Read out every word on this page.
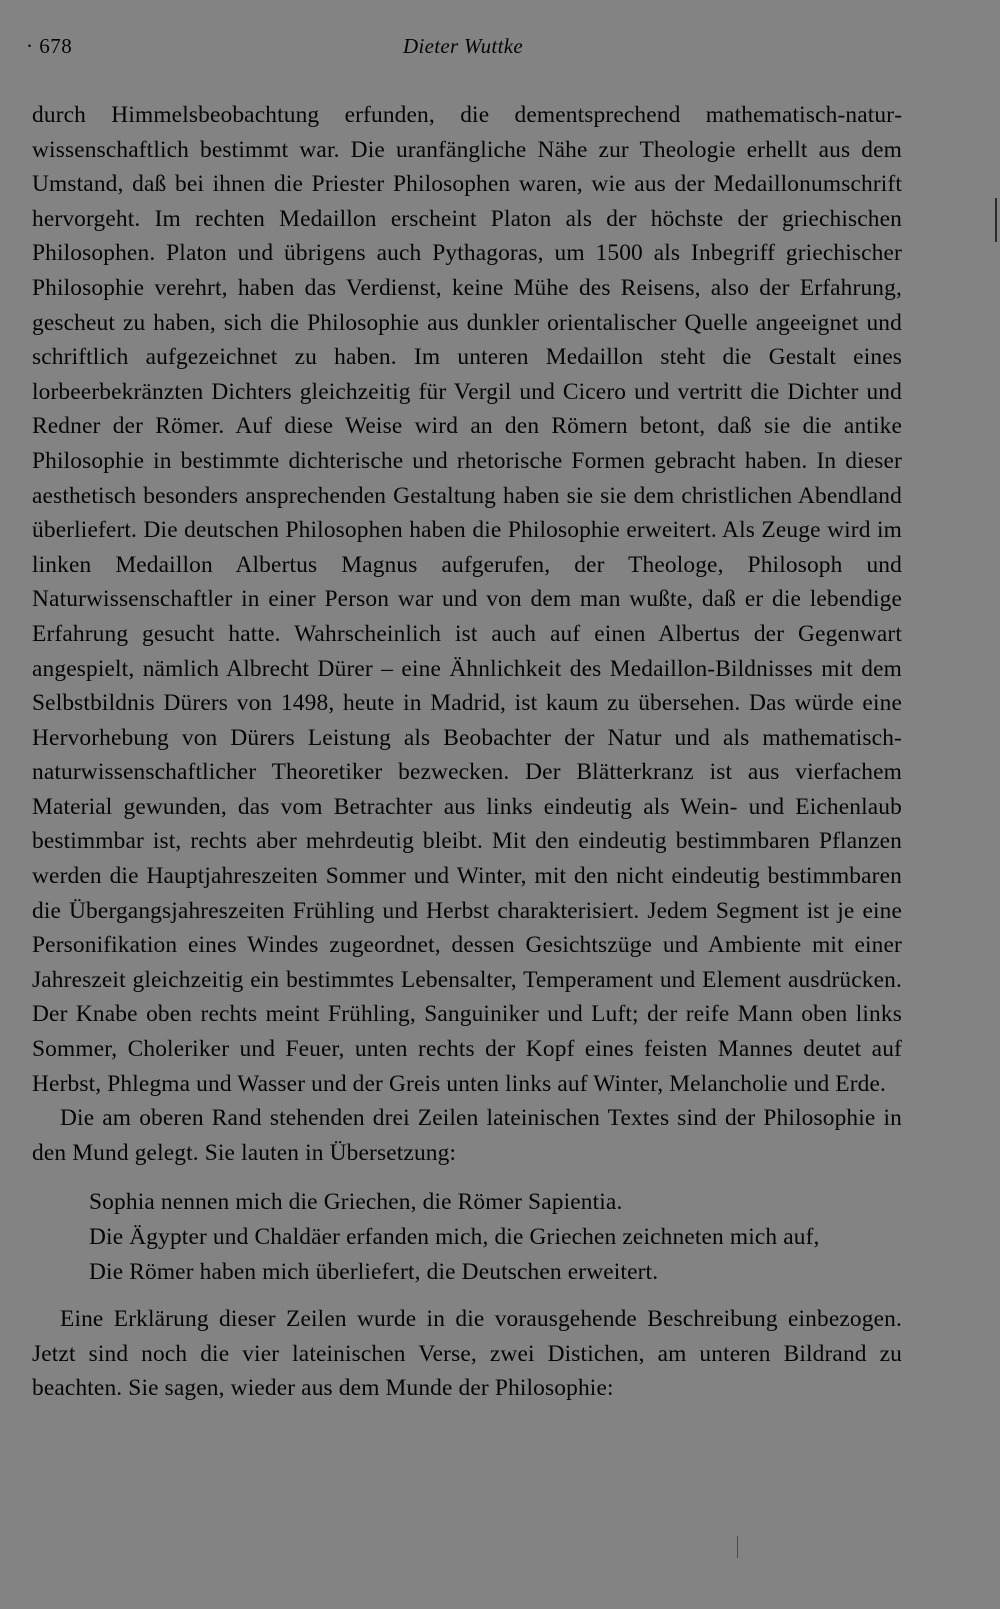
· 678	Dieter Wuttke

durch Himmelsbeobachtung erfunden, die dementsprechend mathematisch-naturwissenschaftlich bestimmt war. Die uranfängliche Nähe zur Theologie erhellt aus dem Umstand, daß bei ihnen die Priester Philosophen waren, wie aus der Medaillonumschrift hervorgeht. Im rechten Medaillon erscheint Platon als der höchste der griechischen Philosophen. Platon und übrigens auch Pythagoras, um 1500 als Inbegriff griechischer Philosophie verehrt, haben das Verdienst, keine Mühe des Reisens, also der Erfahrung, gescheut zu haben, sich die Philosophie aus dunkler orientalischer Quelle angeeignet und schriftlich aufgezeichnet zu haben. Im unteren Medaillon steht die Gestalt eines lorbeerbekränzten Dichters gleichzeitig für Vergil und Cicero und vertritt die Dichter und Redner der Römer. Auf diese Weise wird an den Römern betont, daß sie die antike Philosophie in bestimmte dichterische und rhetorische Formen gebracht haben. In dieser aesthetisch besonders ansprechenden Gestaltung haben sie sie dem christlichen Abendland überliefert. Die deutschen Philosophen haben die Philosophie erweitert. Als Zeuge wird im linken Medaillon Albertus Magnus aufgerufen, der Theologe, Philosoph und Naturwissenschaftler in einer Person war und von dem man wußte, daß er die lebendige Erfahrung gesucht hatte. Wahrscheinlich ist auch auf einen Albertus der Gegenwart angespielt, nämlich Albrecht Dürer – eine Ähnlichkeit des Medaillon-Bildnisses mit dem Selbstbildnis Dürers von 1498, heute in Madrid, ist kaum zu übersehen. Das würde eine Hervorhebung von Dürers Leistung als Beobachter der Natur und als mathematisch-naturwissenschaftlicher Theoretiker bezwecken. Der Blätterkranz ist aus vierfachem Material gewunden, das vom Betrachter aus links eindeutig als Wein- und Eichenlaub bestimmbar ist, rechts aber mehrdeutig bleibt. Mit den eindeutig bestimmbaren Pflanzen werden die Hauptjahreszeiten Sommer und Winter, mit den nicht eindeutig bestimmbaren die Übergangsjahreszeiten Frühling und Herbst charakterisiert. Jedem Segment ist je eine Personifikation eines Windes zugeordnet, dessen Gesichtszüge und Ambiente mit einer Jahreszeit gleichzeitig ein bestimmtes Lebensalter, Temperament und Element ausdrücken. Der Knabe oben rechts meint Frühling, Sanguiniker und Luft; der reife Mann oben links Sommer, Choleriker und Feuer, unten rechts der Kopf eines feisten Mannes deutet auf Herbst, Phlegma und Wasser und der Greis unten links auf Winter, Melancholie und Erde.

Die am oberen Rand stehenden drei Zeilen lateinischen Textes sind der Philosophie in den Mund gelegt. Sie lauten in Übersetzung:

Sophia nennen mich die Griechen, die Römer Sapientia.
Die Ägypter und Chaldäer erfanden mich, die Griechen zeichneten mich auf,
Die Römer haben mich überliefert, die Deutschen erweitert.

Eine Erklärung dieser Zeilen wurde in die vorausgehende Beschreibung einbezogen. Jetzt sind noch die vier lateinischen Verse, zwei Distichen, am unteren Bildrand zu beachten. Sie sagen, wieder aus dem Munde der Philosophie:
